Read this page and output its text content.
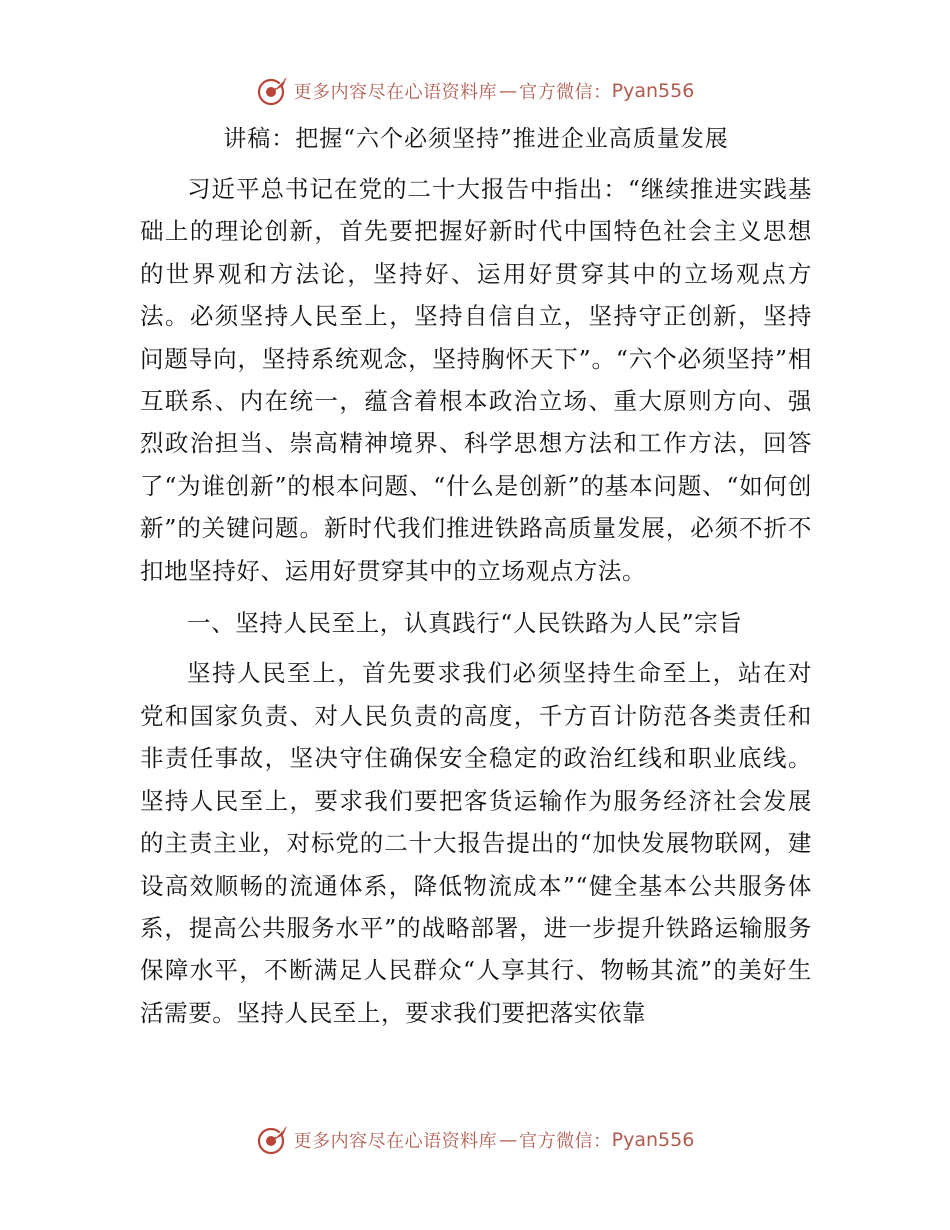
更多内容尽在心语资料库 — 官方微信： Pyan556
讲稿：把握“六个必须坚持”推进企业高质量发展

习近平总书记在党的二十大报告中指出：“继续推进实践基础上的理论创新，首先要把握好新时代中国特色社会主义思想的世界观和方法论，坚持好、运用好贯穿其中的立场观点方法。必须坚持人民至上，坚持自信自立，坚持守正创新，坚持问题导向，坚持系统观念，坚持胸怀天下”。“六个必须坚持”相互联系、内在统一，蕴含着根本政治立场、重大原则方向、强烈政治担当、崇高精神境界、科学思想方法和工作方法，回答了“为谁创新”的根本问题、“什么是创新”的基本问题、“如何创新”的关键问题。新时代我们推进铁路高质量发展，必须不折不扣地坚持好、运用好贯穿其中的立场观点方法。

一、坚持人民至上，认真践行“人民铁路为人民”宗旨

坚持人民至上，首先要求我们必须坚持生命至上，站在对党和国家负责、对人民负责的高度，千方百计防范各类责任和非责任事故，坚决守住确保安全稳定的政治红线和职业底线。坚持人民至上，要求我们要把客货运输作为服务经济社会发展的主责主业，对标党的二十大报告提出的“加快发展物联网，建设高效顺畅的流通体系，降低物流成本”“健全基本公共服务体系，提高公共服务水平”的战略部署，进一步提升铁路运输服务保障水平，不断满足人民群众“人享其行、物畅其流”的美好生活需要。坚持人民至上，要求我们要把落实依靠

更多内容尽在心语资料库 — 官方微信： Pyan556
